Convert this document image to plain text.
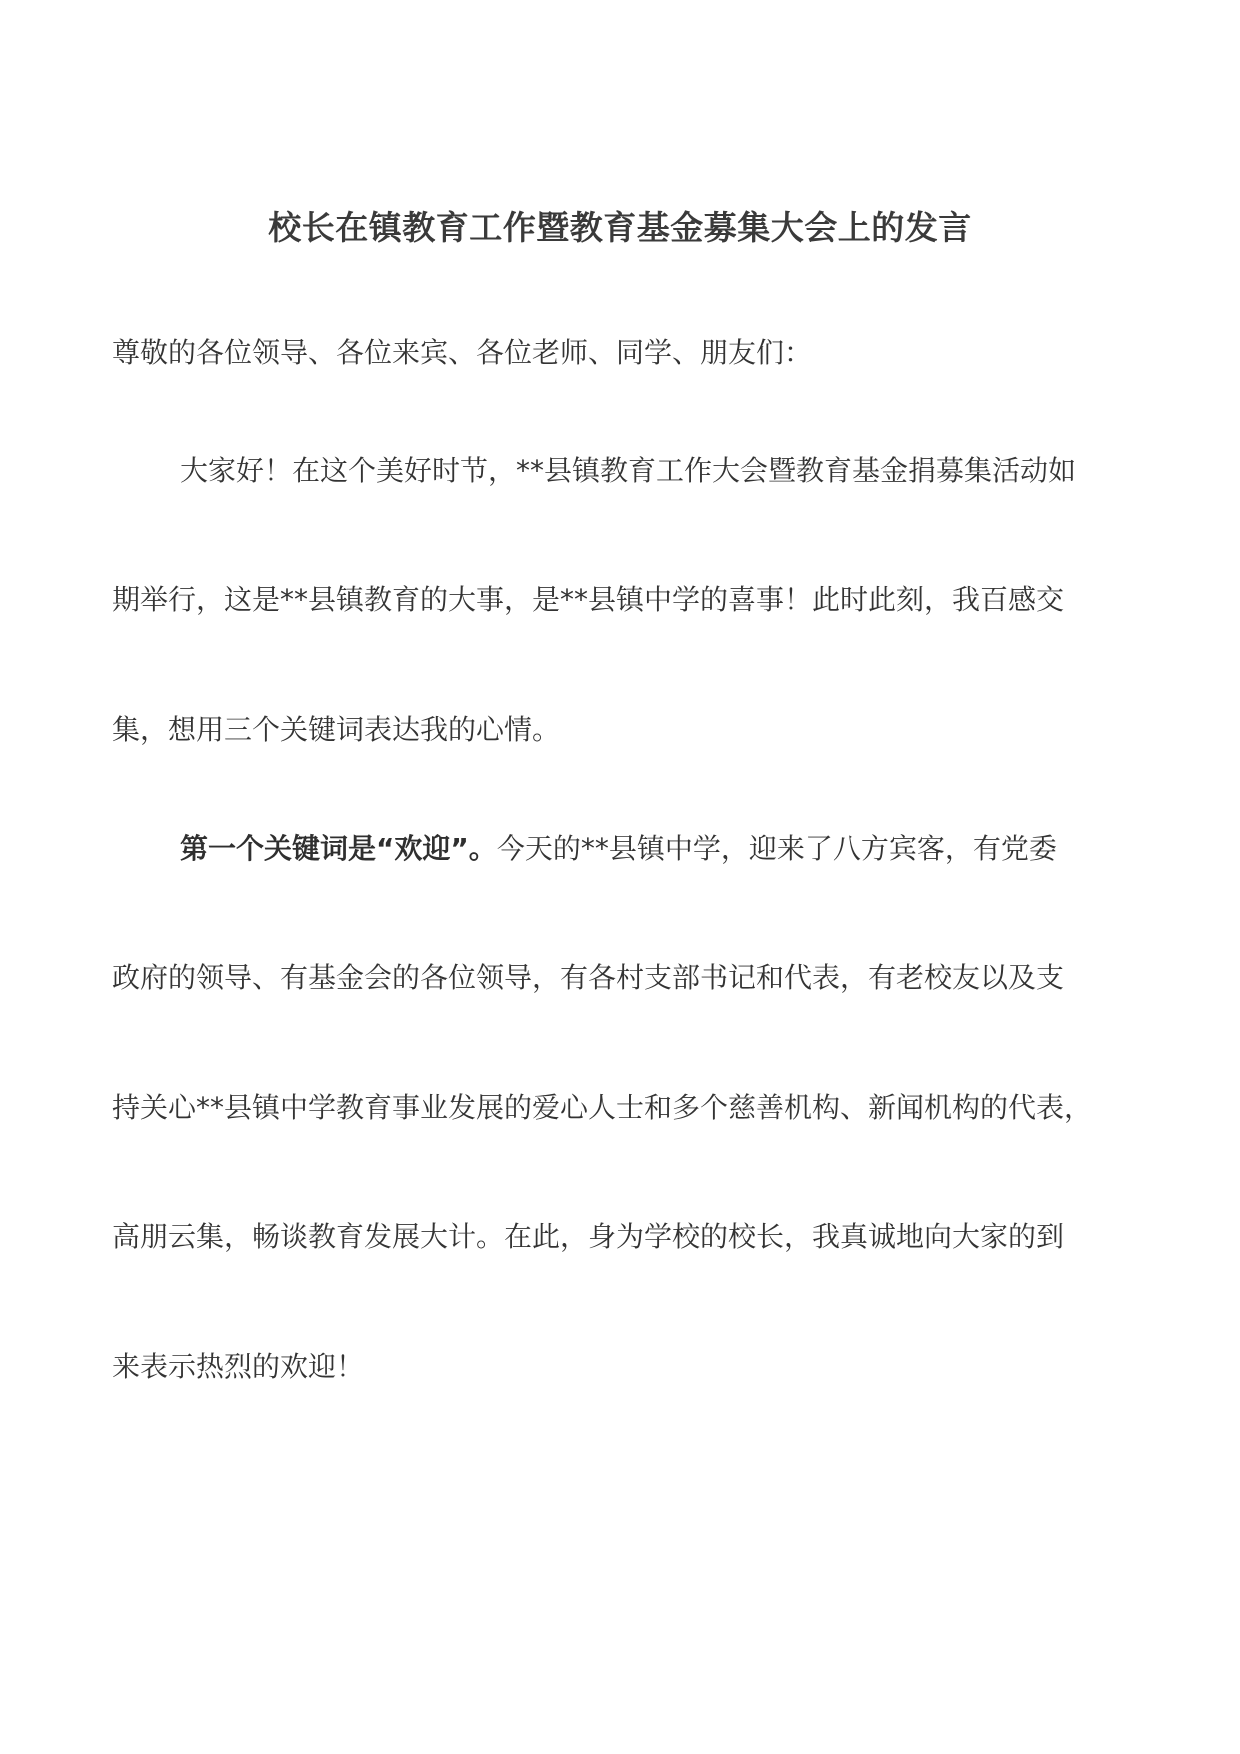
校长在镇教育工作暨教育基金募集大会上的发言
尊敬的各位领导、各位来宾、各位老师、同学、朋友们：
大家好！在这个美好时节，**县镇教育工作大会暨教育基金捐募集活动如
期举行，这是**县镇教育的大事，是**县镇中学的喜事！此时此刻，我百感交
集，想用三个关键词表达我的心情。
第一个关键词是“欢迎”。今天的**县镇中学，迎来了八方宾客，有党委
政府的领导、有基金会的各位领导，有各村支部书记和代表，有老校友以及支
持关心**县镇中学教育事业发展的爱心人士和多个慈善机构、新闻机构的代表，
高朋云集，畅谈教育发展大计。在此，身为学校的校长，我真诚地向大家的到
来表示热烈的欢迎！
